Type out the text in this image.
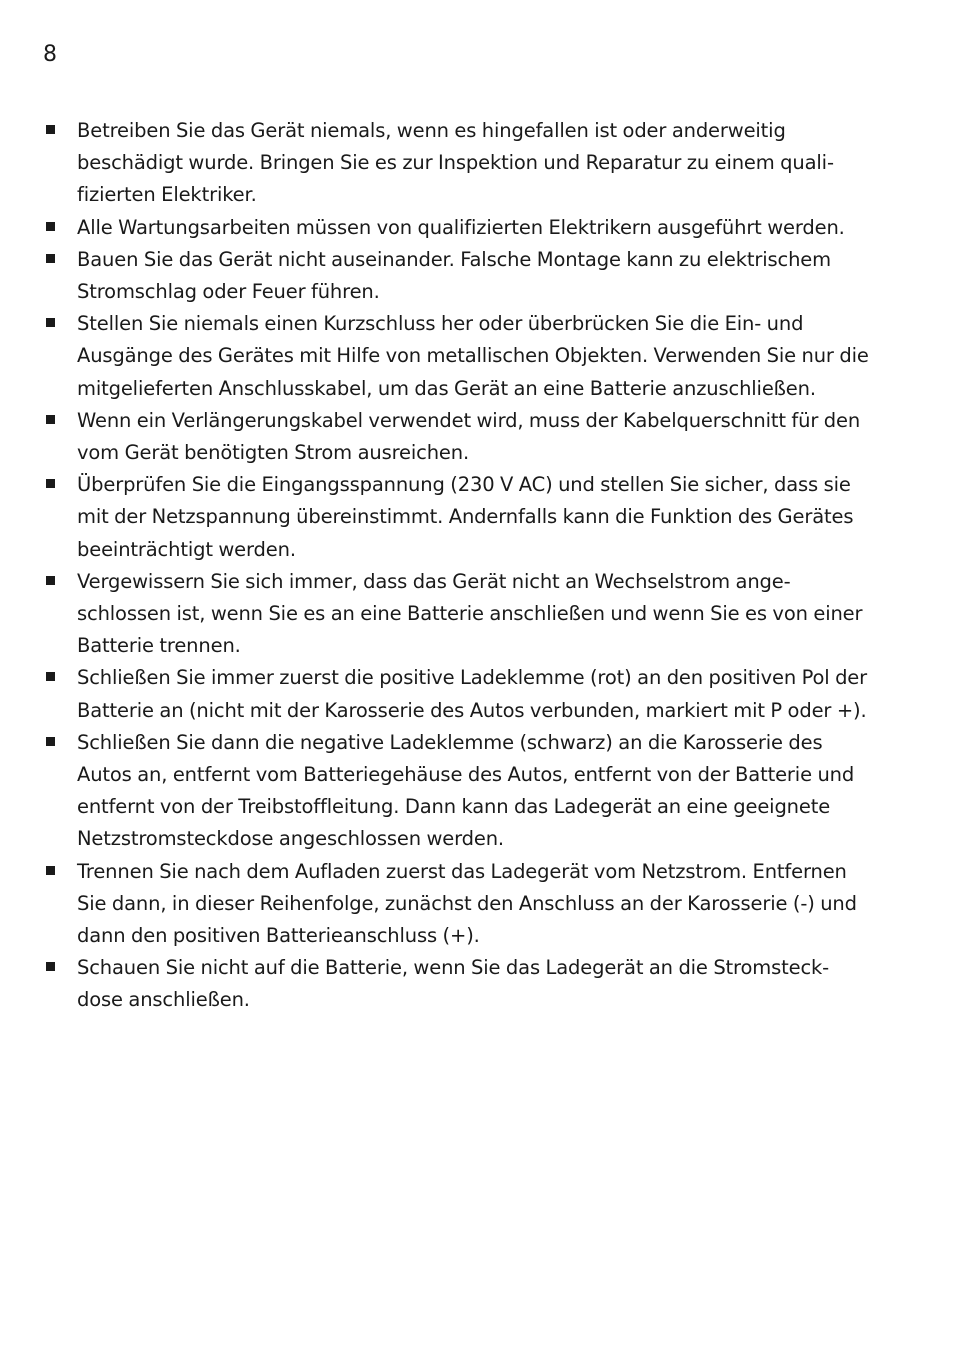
8
Betreiben Sie das Gerät niemals, wenn es hingefallen ist oder anderweitig beschädigt wurde. Bringen Sie es zur Inspektion und Reparatur zu einem quali-fizierten Elektriker.
Alle Wartungsarbeiten müssen von qualifizierten Elektrikern ausgeführt werden.
Bauen Sie das Gerät nicht auseinander. Falsche Montage kann zu elektrischem Stromschlag oder Feuer führen.
Stellen Sie niemals einen Kurzschluss her oder überbrücken Sie die Ein- und Ausgänge des Gerätes mit Hilfe von metallischen Objekten. Verwenden Sie nur die mitgelieferten Anschlusskabel, um das Gerät an eine Batterie anzuschließen.
Wenn ein Verlängerungskabel verwendet wird, muss der Kabelquerschnitt für den vom Gerät benötigten Strom ausreichen.
Überprüfen Sie die Eingangsspannung (230 V AC) und stellen Sie sicher, dass sie mit der Netzspannung übereinstimmt. Andernfalls kann die Funktion des Gerätes beeinträchtigt werden.
Vergewissern Sie sich immer, dass das Gerät nicht an Wechselstrom ange-schlossen ist, wenn Sie es an eine Batterie anschließen und wenn Sie es von einer Batterie trennen.
Schließen Sie immer zuerst die positive Ladeklemme (rot) an den positiven Pol der Batterie an (nicht mit der Karosserie des Autos verbunden, markiert mit P oder +).
Schließen Sie dann die negative Ladeklemme (schwarz) an die Karosserie des Autos an, entfernt vom Batteriegehäuse des Autos, entfernt von der Batterie und entfernt von der Treibstoffleitung. Dann kann das Ladegerät an eine geeignete Netzstromsteckdose angeschlossen werden.
Trennen Sie nach dem Aufladen zuerst das Ladegerät vom Netzstrom. Entfernen Sie dann, in dieser Reihenfolge, zunächst den Anschluss an der Karosserie (-) und dann den positiven Batterieanschluss (+).
Schauen Sie nicht auf die Batterie, wenn Sie das Ladegerät an die Stromsteck-dose anschließen.
